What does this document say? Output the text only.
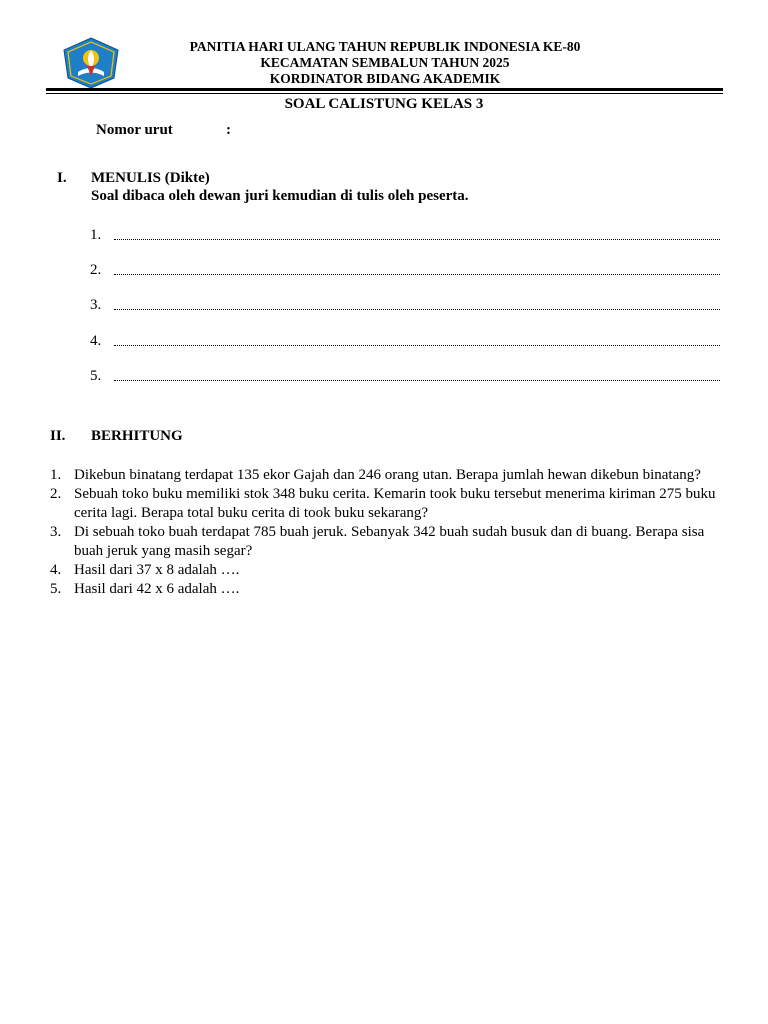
PANITIA HARI ULANG TAHUN REPUBLIK INDONESIA KE-80
KECAMATAN SEMBALUN TAHUN 2025
KORDINATOR BIDANG AKADEMIK
SOAL CALISTUNG KELAS 3
Nomor urut	:
I. MENULIS (Dikte)
Soal dibaca oleh dewan juri kemudian di tulis oleh peserta.
1.
2.
3.
4.
5.
II. BERHITUNG
1. Dikebun binatang terdapat 135 ekor Gajah dan 246 orang utan. Berapa jumlah hewan dikebun binatang?
2. Sebuah toko buku memiliki stok 348 buku cerita. Kemarin took buku tersebut menerima kiriman 275 buku cerita lagi. Berapa total buku cerita di took buku sekarang?
3. Di sebuah toko buah terdapat 785 buah jeruk. Sebanyak 342 buah sudah busuk dan di buang. Berapa sisa buah jeruk yang masih segar?
4. Hasil dari 37 x 8 adalah ….
5. Hasil dari 42 x 6 adalah ….
